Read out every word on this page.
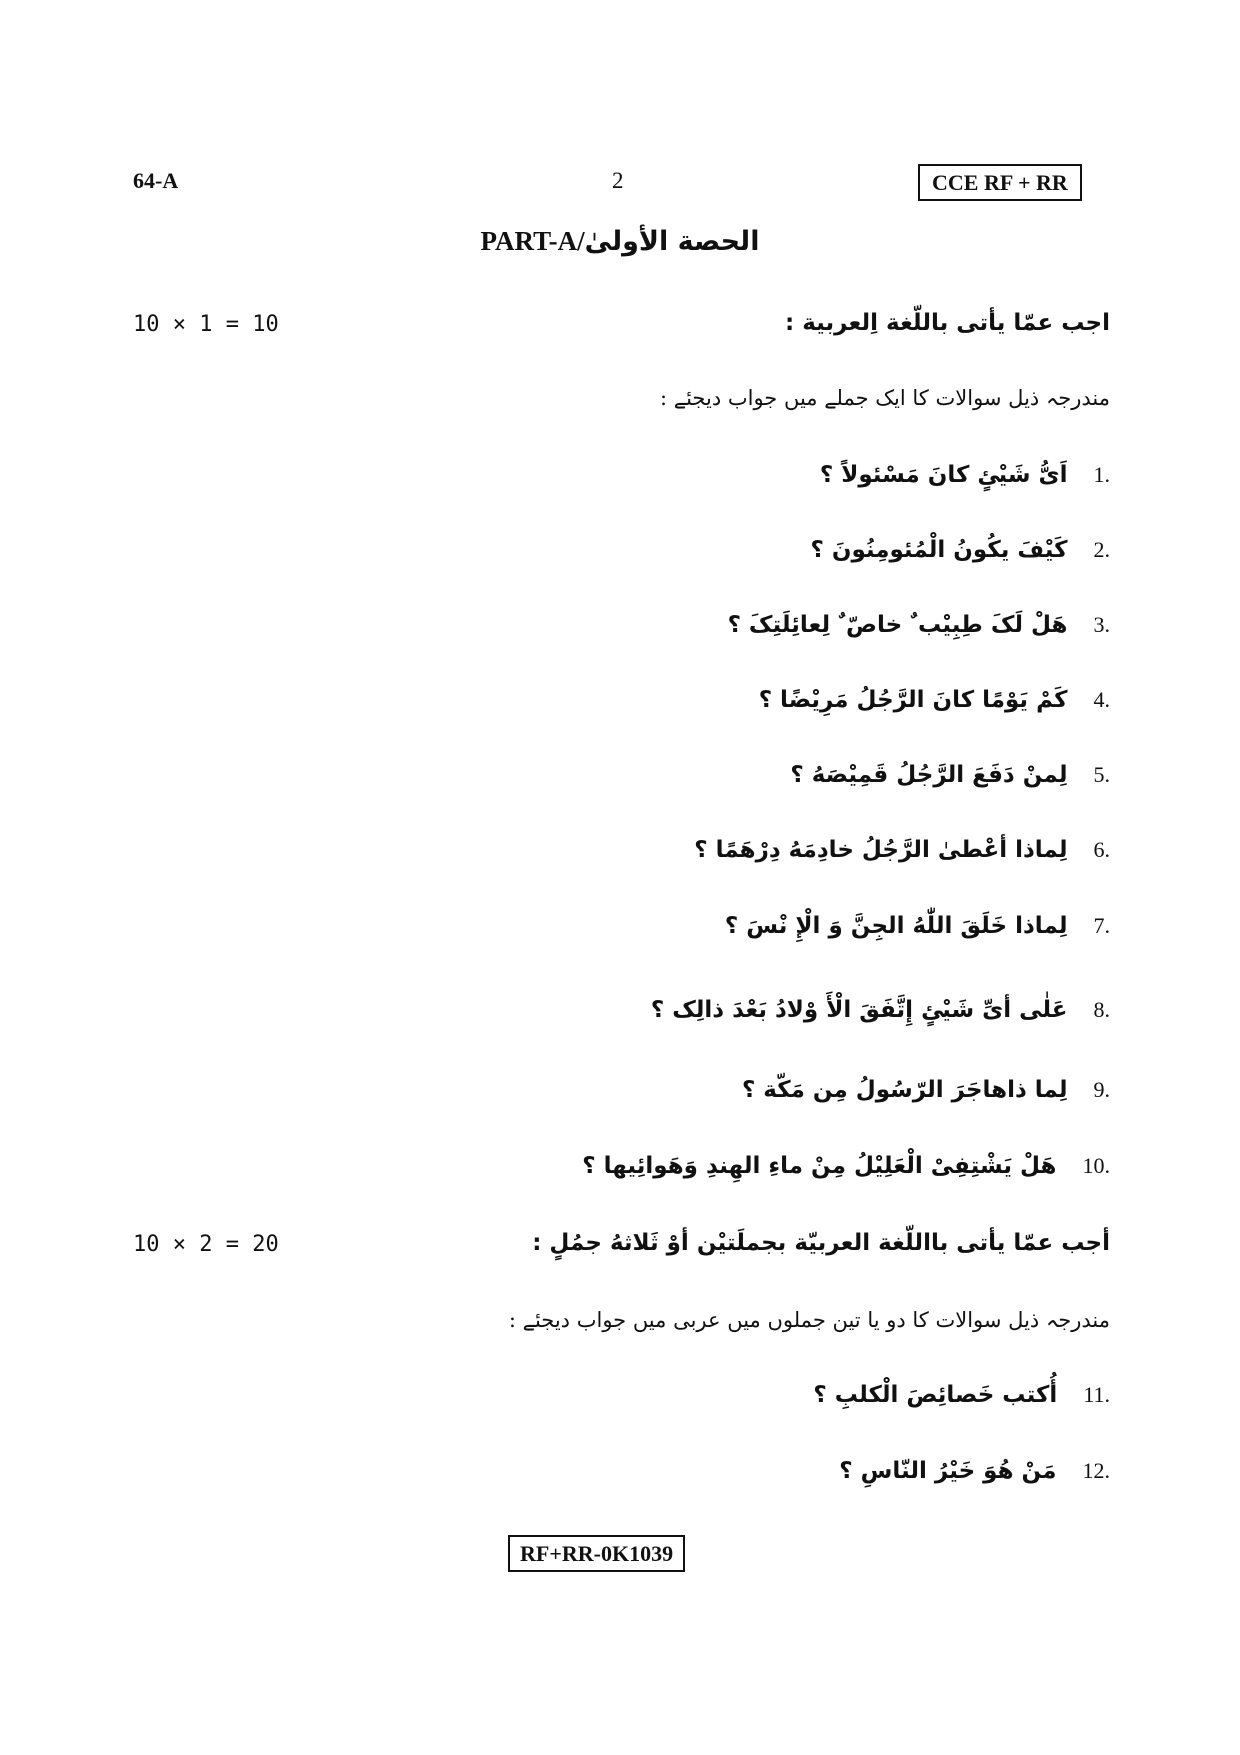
64-A	2	CCE RF + RR
PART-A/الحصة الأولىٰ
10 × 1 = 10	اجب عمّا يأتی باللّغة اِلعربية :
مندرجہ ذیل سوالات کا ایک جملے میں جواب دیجئے :
1.
اَیُّ شَیْئٍ كانَ مَسْئولاً ؟
2.
كَيْفَ يكُونُ الْمُئومِنُونَ ؟
3.
هَلْ لَکَ طِبِيْب ٌ خاصّ ٌ لِعائِلَتِکَ ؟
4.
كَمْ يَوْمًا كانَ الرَّجُلُ مَرِيْضًا ؟
5.
لِمنْ دَفَعَ الرَّجُلُ قَمِيْصَهُ ؟
6.
لِماذا أعْطىٰ الرَّجُلُ خادِمَهُ دِرْهَمًا ؟
7.
لِماذا خَلَقَ اللّٰهُ الجِنَّ وَ الْإِ نْسَ ؟
8.
عَلٰی أیِّ شَيْئٍ إِتَّفَقَ الْأَ وْلادُ بَعْدَ ذالِک ؟
9.
لِما ذاهاجَرَ الرّسُولُ مِن مَكّة ؟
10.
هَلْ يَشْتِفِیْ الْعَلِيْلُ مِنْ ماءِ الهِندِ وَهَوائِيها ؟
10 × 2 = 20	أجب عمّا يأتی بااللّغة العربيّة بجملَتيْن أوْ ثَلاثهُ جمُلٍ :
مندرجہ ذیل سوالات کا دو یا تین جملوں میں عربی میں جواب دیجئے :
11.
أُكتب خَصائِصَ الْكلبِ ؟
12.
مَنْ هُوَ خَيْرُ النّاسِ ؟
RF+RR-0K1039
